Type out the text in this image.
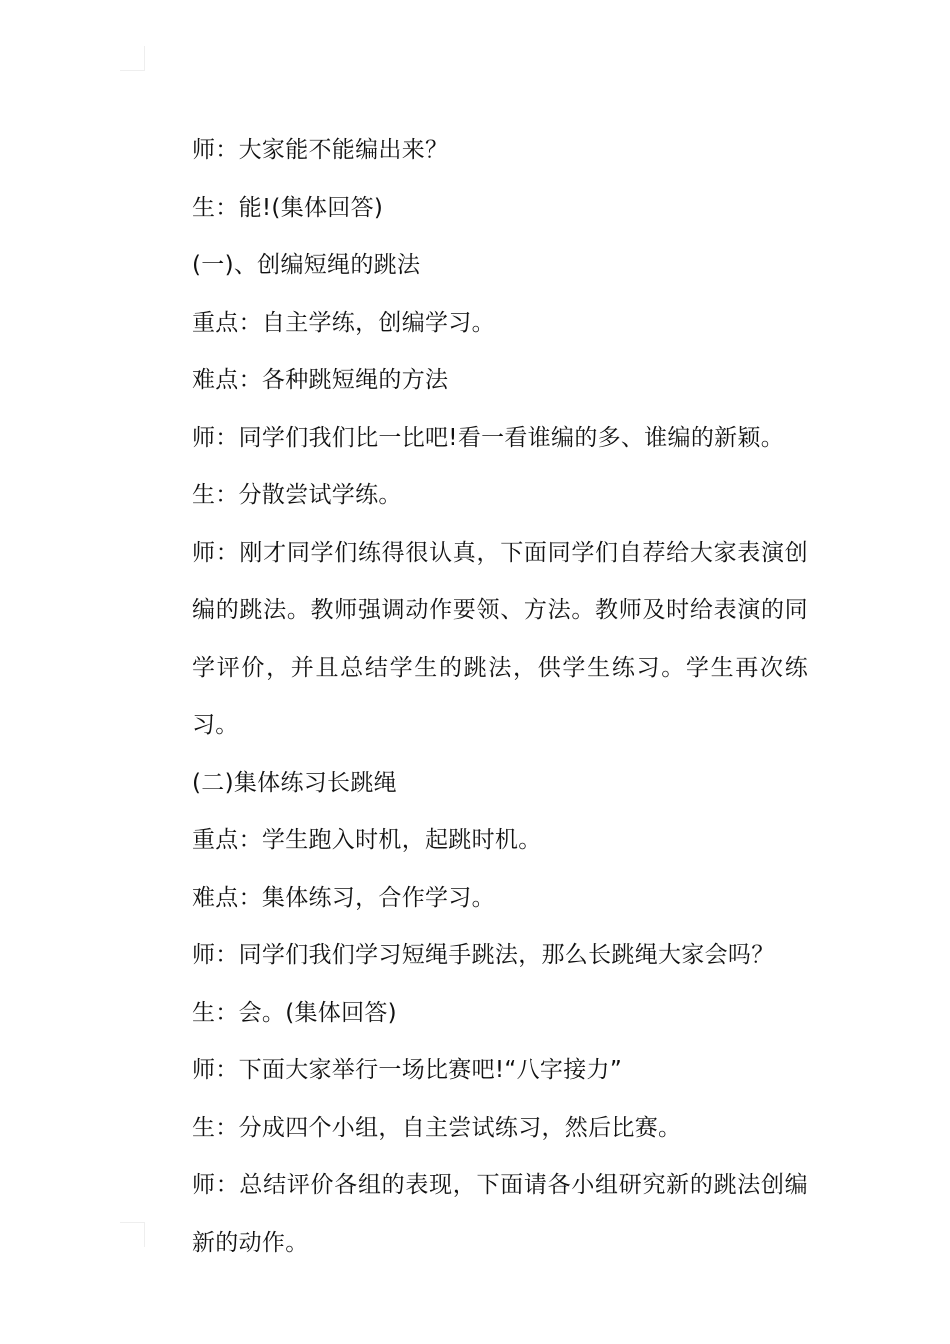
师：大家能不能编出来？

生：能!(集体回答)

(一)、创编短绳的跳法

重点：自主学练，创编学习。

难点：各种跳短绳的方法

师：同学们我们比一比吧!看一看谁编的多、谁编的新颖。

生：分散尝试学练。

师：刚才同学们练得很认真，下面同学们自荐给大家表演创编的跳法。教师强调动作要领、方法。教师及时给表演的同学评价，并且总结学生的跳法，供学生练习。学生再次练习。

(二)集体练习长跳绳

重点：学生跑入时机，起跳时机。

难点：集体练习，合作学习。

师：同学们我们学习短绳手跳法，那么长跳绳大家会吗？

生：会。(集体回答)

师：下面大家举行一场比赛吧!“八字接力”

生：分成四个小组，自主尝试练习，然后比赛。

师：总结评价各组的表现，下面请各小组研究新的跳法创编新的动作。
